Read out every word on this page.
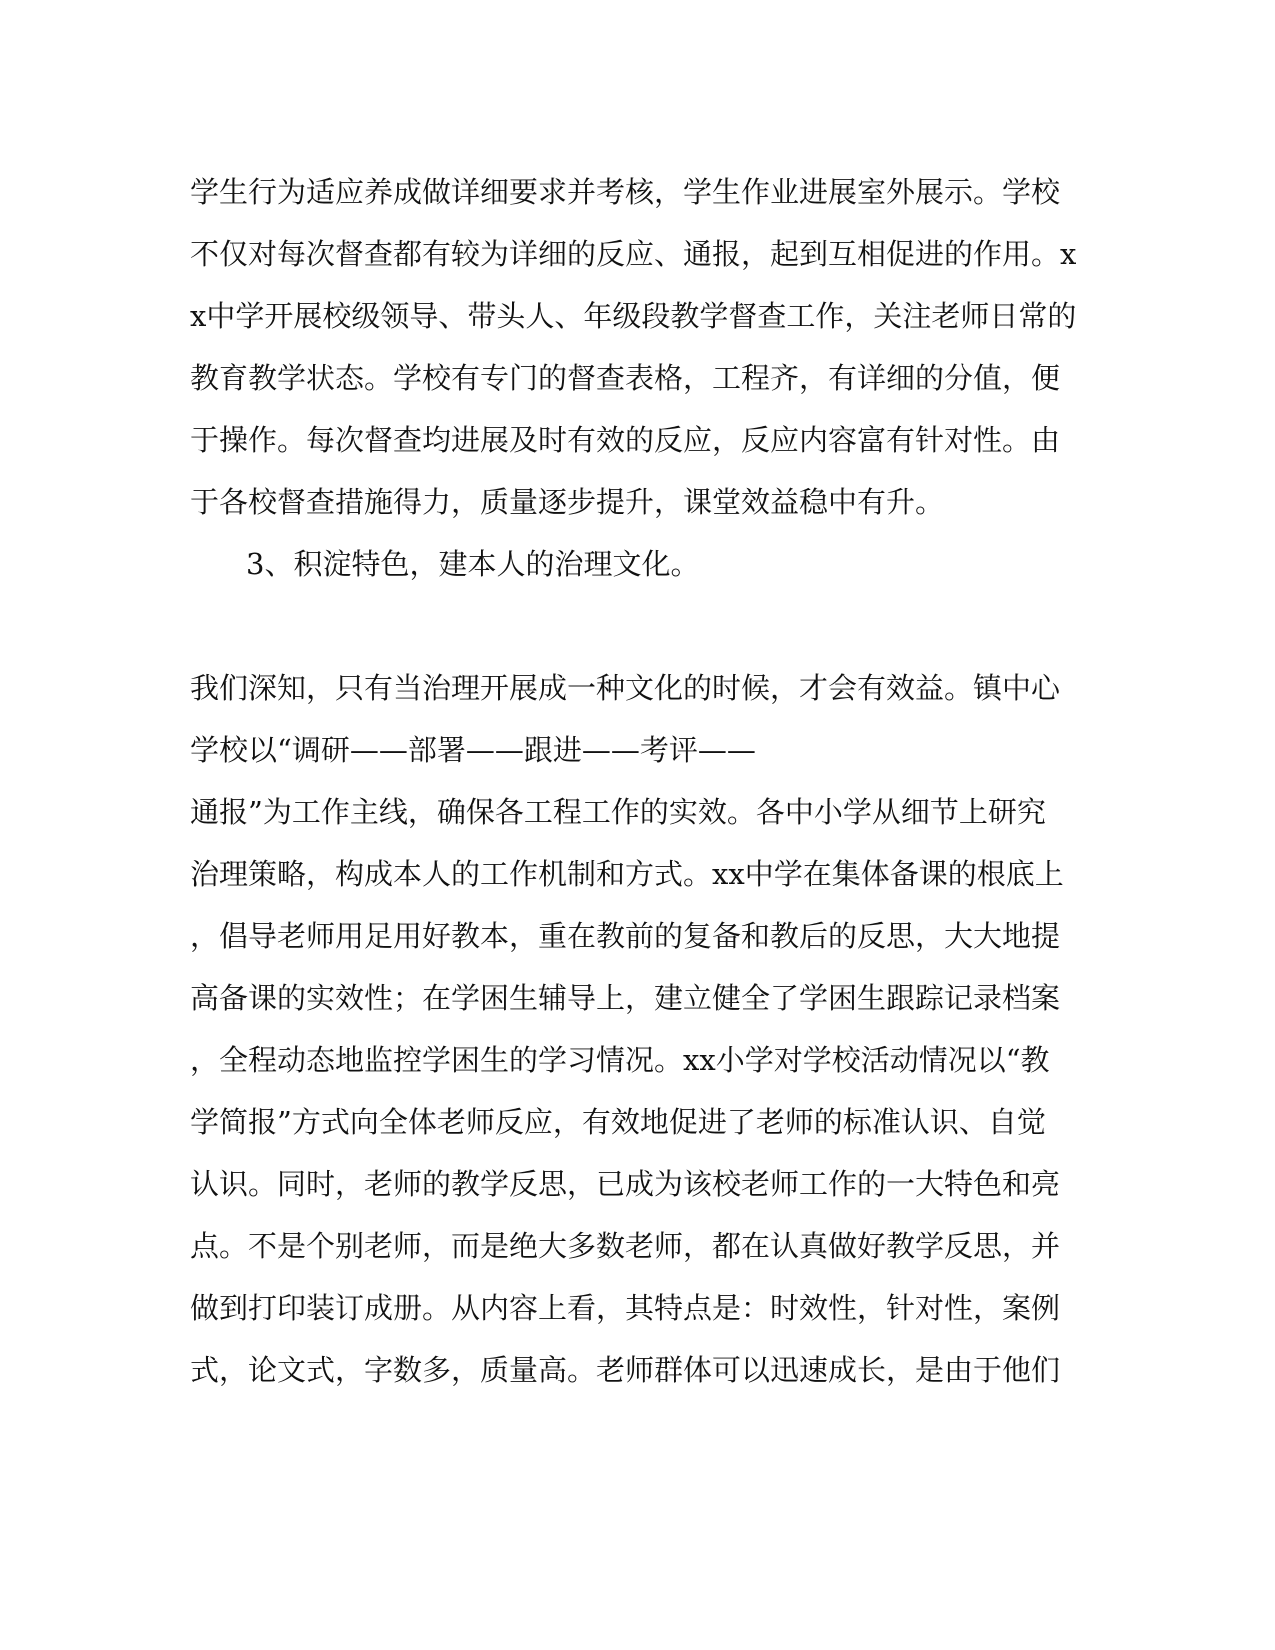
学生行为适应养成做详细要求并考核，学生作业进展室外展示。学校
不仅对每次督查都有较为详细的反应、通报，起到互相促进的作用。x
x中学开展校级领导、带头人、年级段教学督查工作，关注老师日常的
教育教学状态。学校有专门的督查表格，工程齐，有详细的分值，便
于操作。每次督查均进展及时有效的反应，反应内容富有针对性。由
于各校督查措施得力，质量逐步提升，课堂效益稳中有升。
3、积淀特色，建本人的治理文化。
我们深知，只有当治理开展成一种文化的时候，才会有效益。镇中心
学校以“调研——部署——跟进——考评——
通报”为工作主线，确保各工程工作的实效。各中小学从细节上研究
治理策略，构成本人的工作机制和方式。xx中学在集体备课的根底上
，倡导老师用足用好教本，重在教前的复备和教后的反思，大大地提
高备课的实效性；在学困生辅导上，建立健全了学困生跟踪记录档案
，全程动态地监控学困生的学习情况。xx小学对学校活动情况以“教
学简报”方式向全体老师反应，有效地促进了老师的标准认识、自觉
认识。同时，老师的教学反思，已成为该校老师工作的一大特色和亮
点。不是个别老师，而是绝大多数老师，都在认真做好教学反思，并
做到打印装订成册。从内容上看，其特点是：时效性，针对性，案例
式，论文式，字数多，质量高。老师群体可以迅速成长，是由于他们
